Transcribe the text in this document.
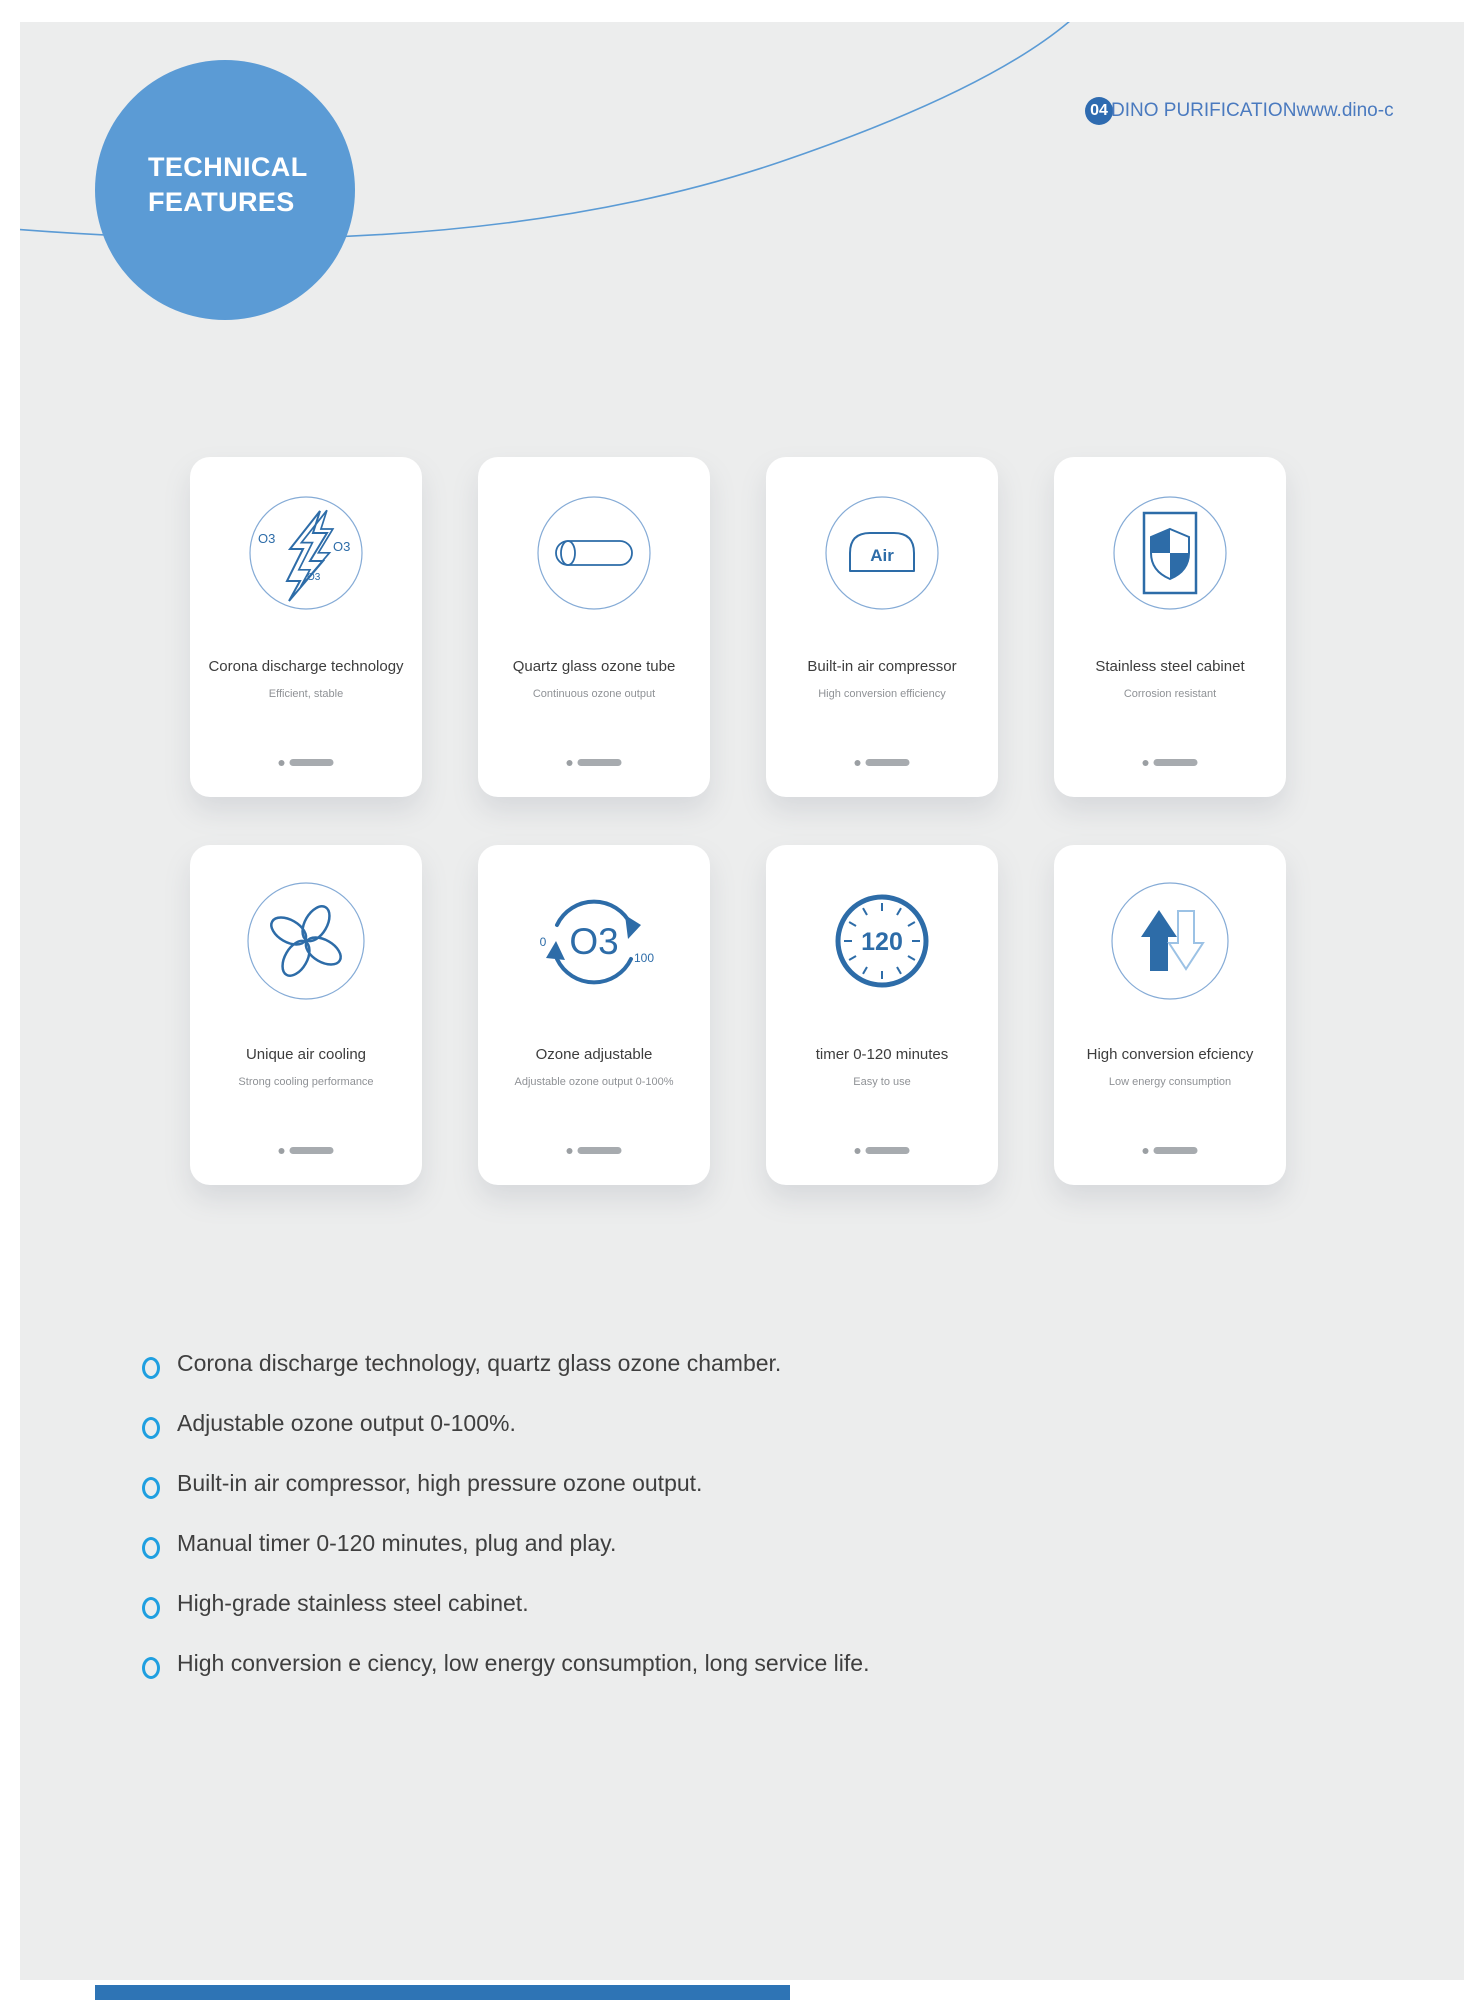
TECHNICAL
FEATURES
O3
O3
O3
Corona discharge technology
Efficient, stable
Quartz glass ozone tube
Continuous ozone output
Air
Built-in air compressor
High conversion efficiency
Stainless steel cabinet
Corrosion resistant
Unique air cooling
Strong cooling performance
0 O3 100
Ozone adjustable
Adjustable ozone output 0-100%
120
timer 0-120 minutes
Easy to use
High conversion efciency
Low energy consumption
04 DINO PURIFICATION www.dino-c
Corona discharge technology, quartz glass ozone chamber.
Adjustable ozone output 0-100%.
Built-in air compressor, high pressure ozone output.
Manual timer 0-120 minutes, plug and play.
High-grade stainless steel cabinet.
High conversion e ciency, low energy consumption, long service life.
